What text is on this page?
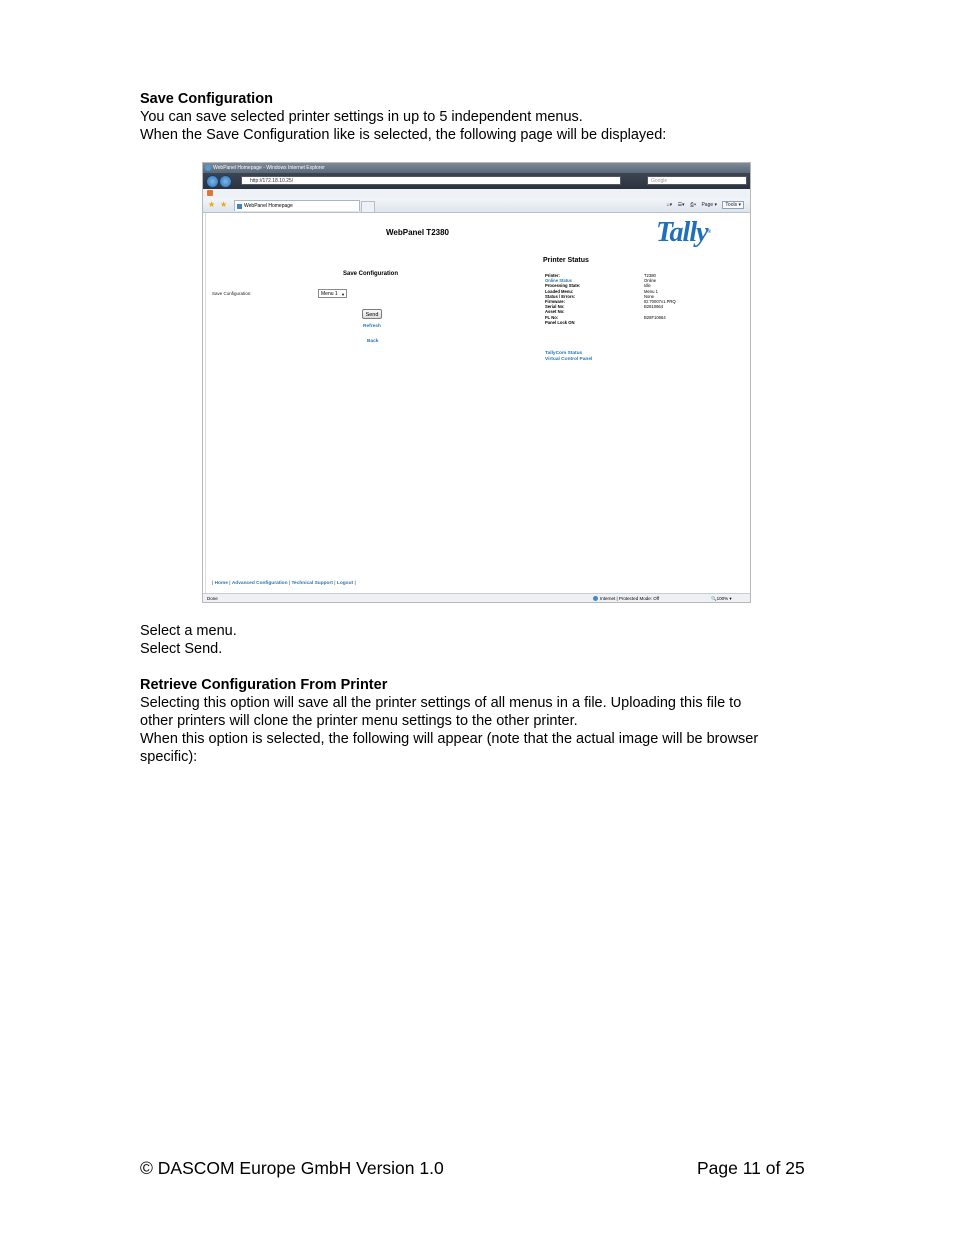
Save Configuration
You can save selected printer settings in up to 5 independent menus.
When the Save Configuration like is selected, the following page will be displayed:
WebPanel Homepage - Windows Internet Explorer
http://172.18.10.25/	Google
★ ★	WebPanel Homepage	⌂▾ ☰▾ ⎙▾ Page ▾ Tools ▾
WebPanel T2380	Tally®
Save Configuration
Save Configuration:	Menu 1 ▼
Send
Refresh
Back
Printer Status
Printer:	T2380
Online Status	Online
Processing State:	Idle
Loaded Menu:	Menu 1
Status / Errors:	None
Firmware:	ID:70007v1.PRQ
Serial No:	B2810664
Asset No:
FL No:	B28F10664
Panel Lock ON
TallyCom Status
Virtual Control Panel
| Home | Advanced Configuration | Technical Support | Logout |
Done	Internet | Protected Mode: Off	🔍100% ▾
Select a menu.
Select Send.
Retrieve Configuration From Printer
Selecting this option will save all the printer settings of all menus in a file. Uploading this file to
other printers will clone the printer menu settings to the other printer.
When this option is selected, the following will appear (note that the actual image will be browser
specific):
© DASCOM Europe GmbH Version 1.0	Page 11 of 25
